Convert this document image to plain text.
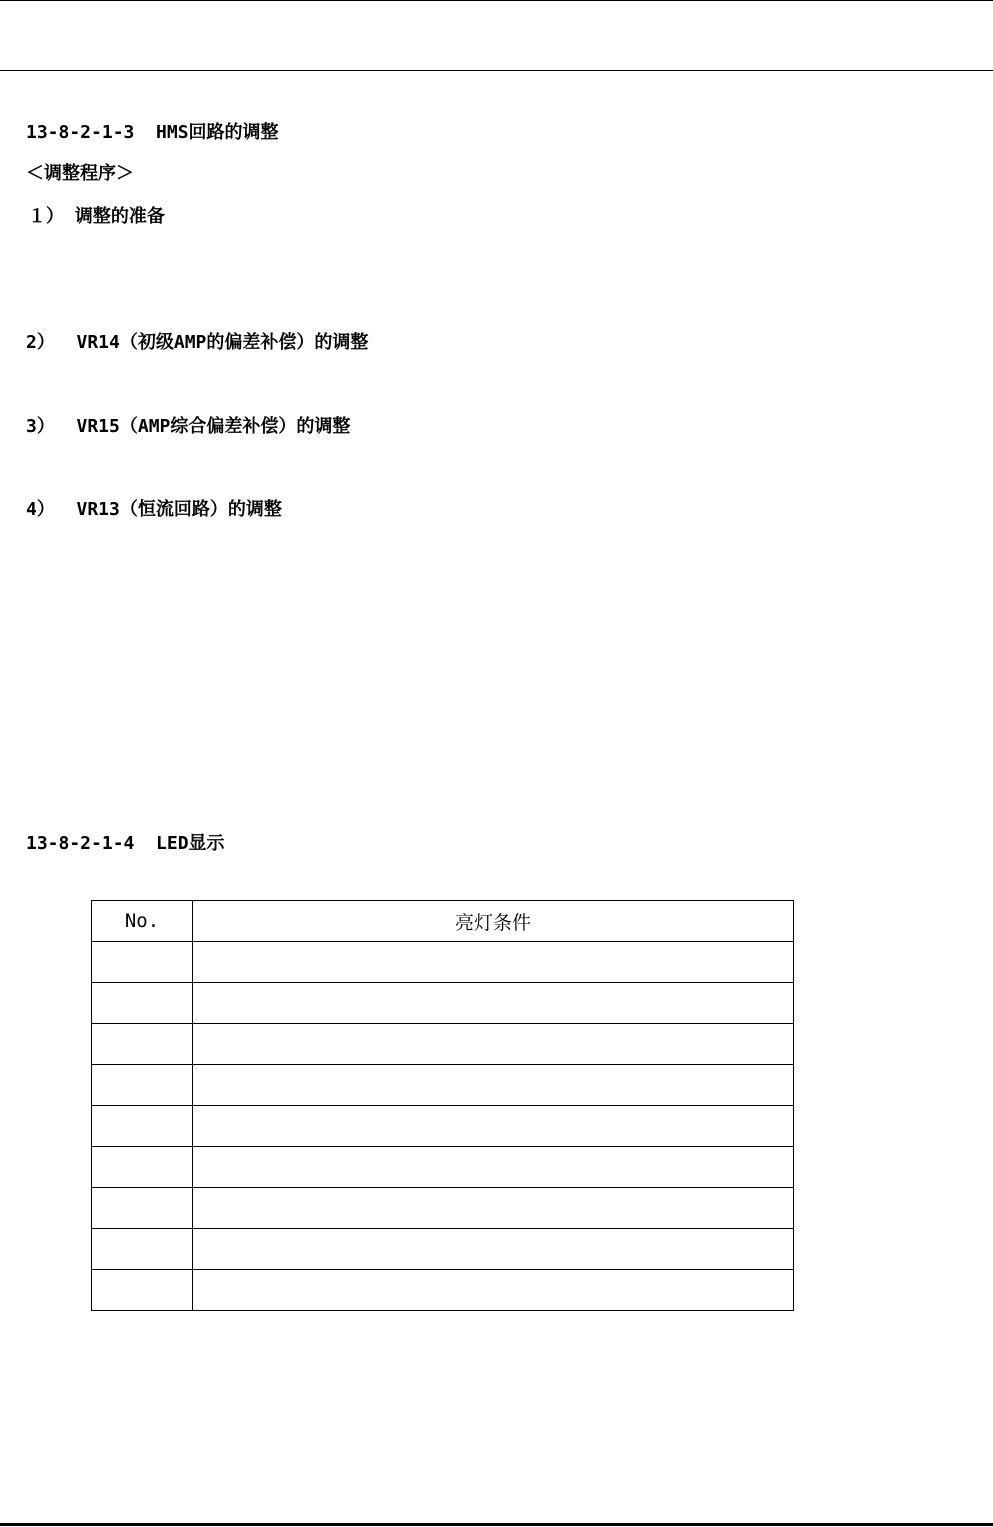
13-8-2-1-3  HMS回路的调整
＜调整程序＞
１） 调整的准备
2）  VR14（初级AMP的偏差补偿）的调整
3）  VR15（AMP综合偏差补偿）的调整
4）  VR13（恒流回路）的调整
13-8-2-1-4  LED显示
No.	亮灯条件
